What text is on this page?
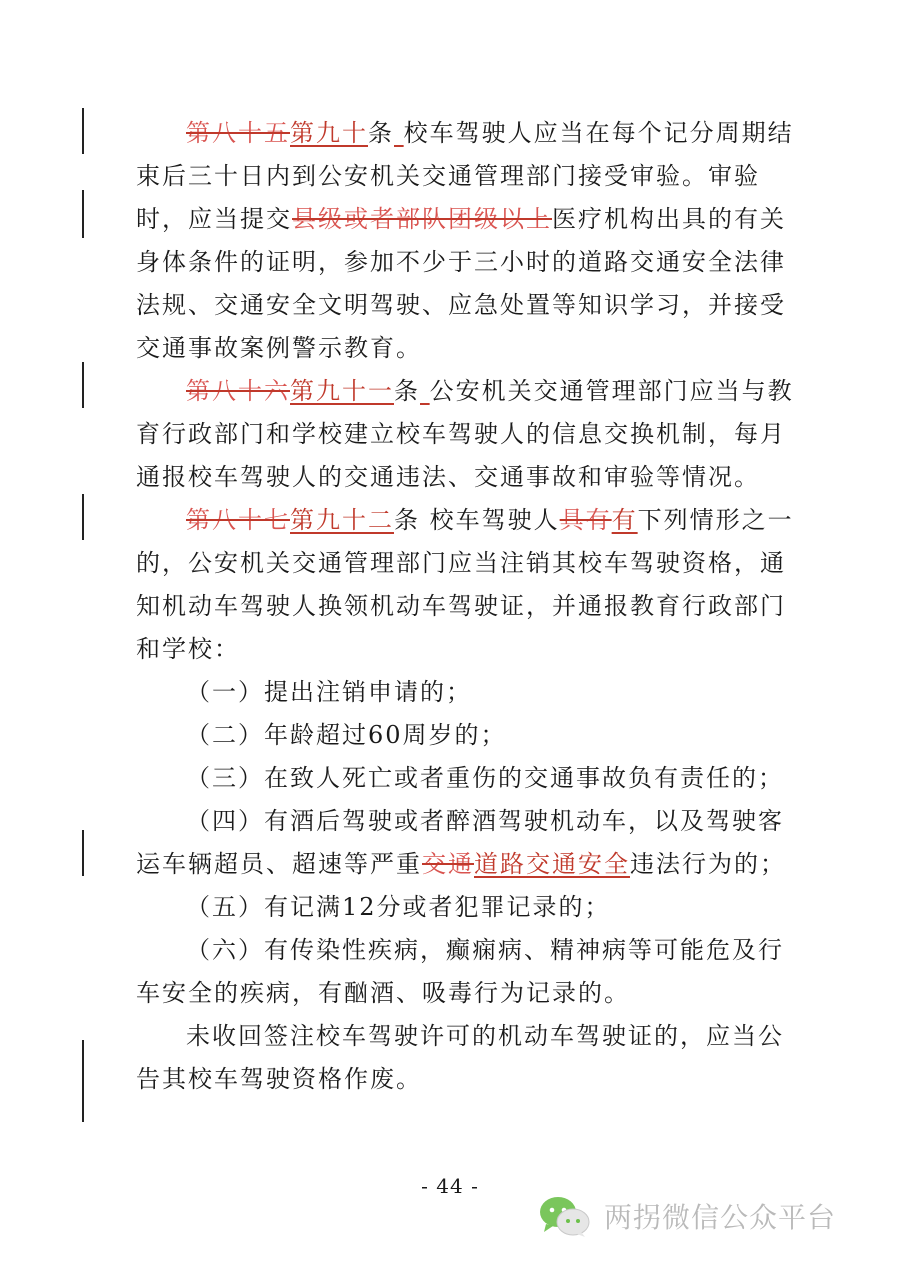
第八十五第九十条 校车驾驶人应当在每个记分周期结束后三十日内到公安机关交通管理部门接受审验。审验时，应当提交县级或者部队团级以上医疗机构出具的有关身体条件的证明，参加不少于三小时的道路交通安全法律法规、交通安全文明驾驶、应急处置等知识学习，并接受交通事故案例警示教育。

第八十六第九十一条 公安机关交通管理部门应当与教育行政部门和学校建立校车驾驶人的信息交换机制，每月通报校车驾驶人的交通违法、交通事故和审验等情况。

第八十七第九十二条 校车驾驶人具有有下列情形之一的，公安机关交通管理部门应当注销其校车驾驶资格，通知机动车驾驶人换领机动车驾驶证，并通报教育行政部门和学校：

（一）提出注销申请的；

（二）年龄超过60周岁的；

（三）在致人死亡或者重伤的交通事故负有责任的；

（四）有酒后驾驶或者醉酒驾驶机动车，以及驾驶客运车辆超员、超速等严重交通道路交通安全违法行为的；

（五）有记满12分或者犯罪记录的；

（六）有传染性疾病，癫痫病、精神病等可能危及行车安全的疾病，有酗酒、吸毒行为记录的。

未收回签注校车驾驶许可的机动车驾驶证的，应当公告其校车驾驶资格作废。

- 44 -
两拐微信公众平台
